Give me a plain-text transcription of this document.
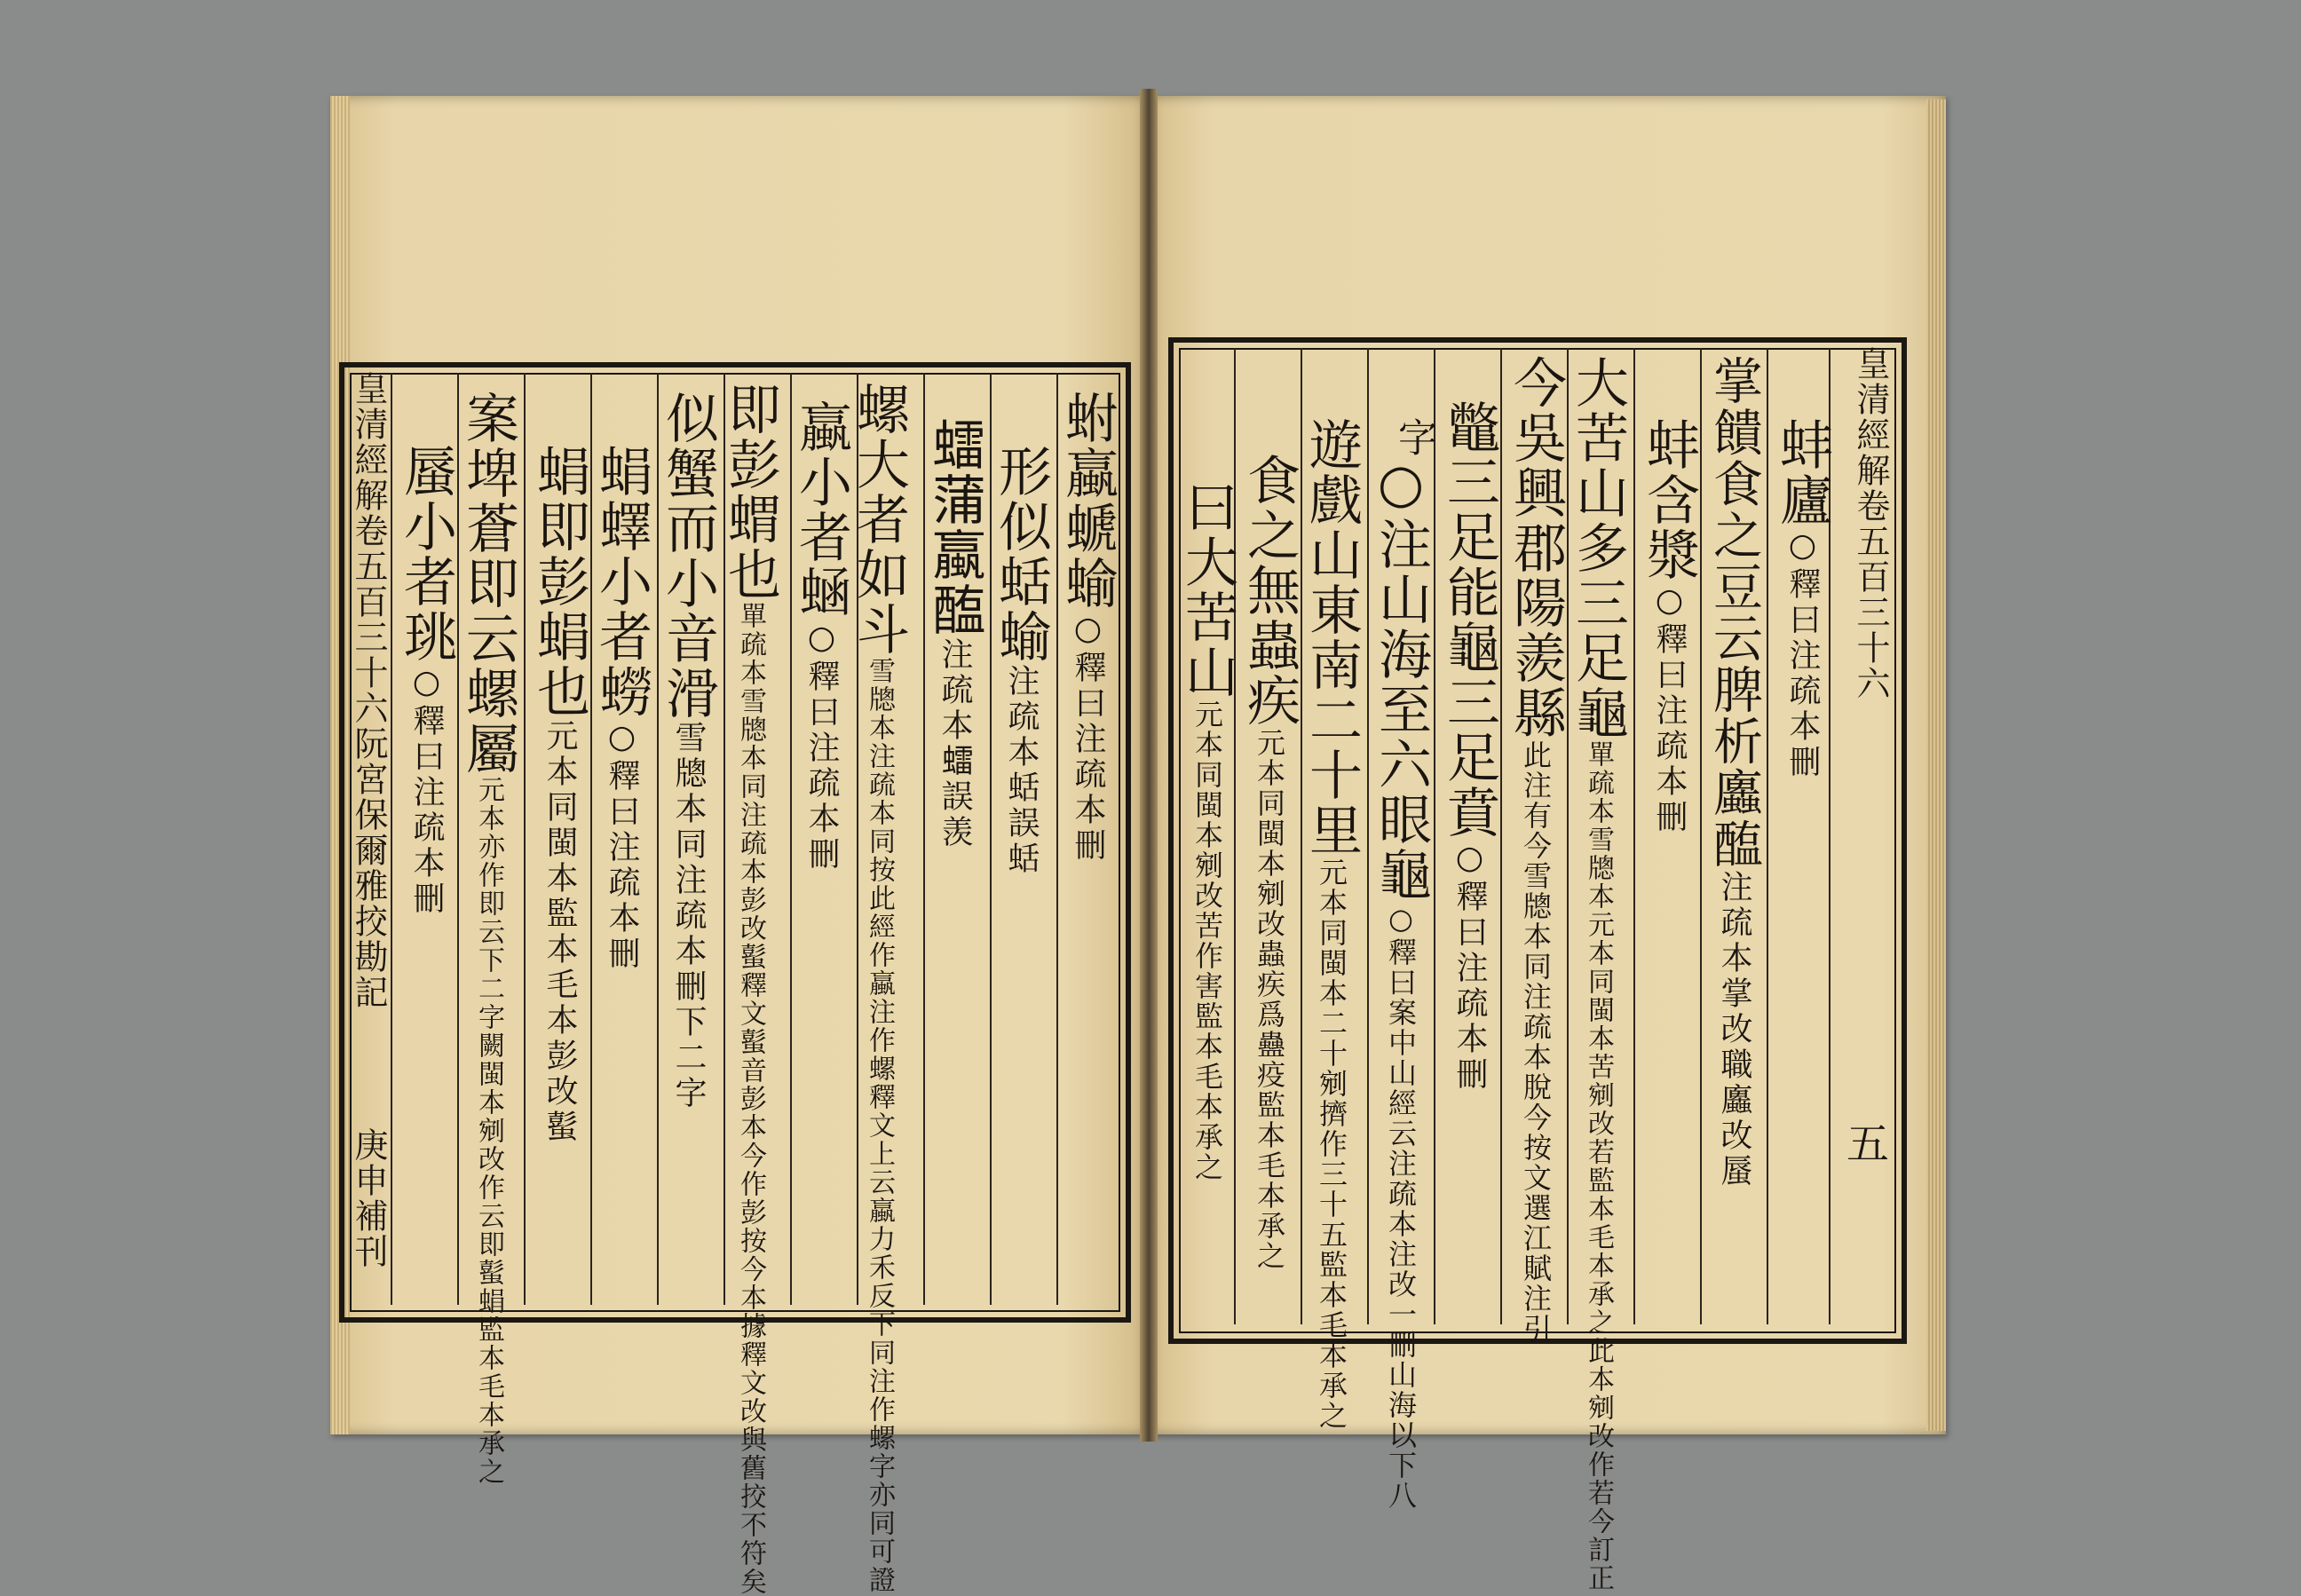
皇清經解卷五百三十六阮宮保爾雅挍勘記
庚申補刊
蚹蠃螔蝓○釋曰注疏本刪
形似蛞蝓注疏本蛞誤蛞
𧒽蒲蠃醢注疏本𧒽誤羡
螺大者如斗雪牕本注疏本同按此經作蠃注作螺釋文上云蠃力禾反下同注作螺字亦同可證
蠃小者蜬○釋曰注疏本刪
即彭蝟也單疏本雪牕本同注疏本彭改蟚釋文蟚音彭本今作彭按今本據釋文改與舊挍不符矣
似蟹而小音滑雪牕本同注疏本刪下二字
蜎蠌小者蟧○釋曰注疏本刪
蜎即彭蜎也元本同閩本監本毛本彭改蟚
案埤蒼即云螺屬元本亦作即云下二字闕閩本剜改作云即蟚蜎監本毛本承之
蜃小者珧○釋曰注疏本刪
皇清經解卷五百三十六
五
蚌廬○釋曰注疏本刪
掌饋食之豆云脾析蠯醢注疏本掌改職蠯改蜃
蚌含漿○釋曰注疏本刪
大苦山多三足龜單疏本雪牕本元本同閩本苦剜改若監本毛本承之此本剜改作若今訂正
今吳興郡陽羨縣此注有今雪牕本同注疏本脫今按文選江賦注引
鼈三足能龜三足賁○釋曰注疏本刪
字
○注山海至六眼龜○釋曰案中山經云注疏本注改一刪山海以下八
遊戲山東南二十里元本同閩本二十剜擠作三十五監本毛本承之
食之無蟲疾元本同閩本剜改蟲疾爲蠱疫監本毛本承之
曰大苦山元本同閩本剜改苦作害監本毛本承之
